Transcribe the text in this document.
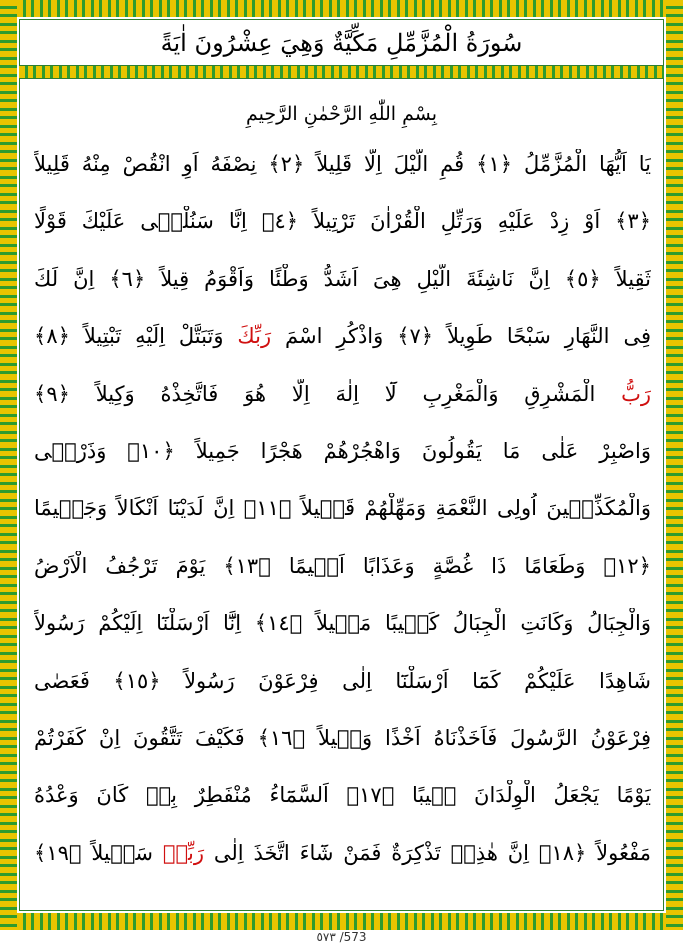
سُورَةُ الْمُزَّمِّلِ مَكِّيَّةٌ وَهِيَ عِشْرُونَ اٰيَةً
بِسْمِ اللّٰهِ الرَّحْمٰنِ الرَّحِيمِ
يَا اَيُّهَا الْمُزَّمِّلُ ﴿١﴾ قُمِ الَّيْلَ اِلَّا قَلِيلاً ﴿٢﴾ نِصْفَهُ اَوِ انْقُصْ مِنْهُ قَلِيلاً
﴿٣﴾ اَوْ زِدْ عَلَيْهِ وَرَتِّلِ الْقُرْاٰنَ تَرْتِيلاً ﴿٤﴾ اِنَّا سَنُلْقٖى عَلَيْكَ قَوْلًا
ثَقِيلاً ﴿٥﴾ اِنَّ نَاشِئَةَ الَّيْلِ هِىَ اَشَدُّ وَطْئًا وَاَقْوَمُ قِيلاً ﴿٦﴾ اِنَّ لَكَ
فِى النَّهَارِ سَبْحًا طَوِيلاً ﴿٧﴾ وَاذْكُرِ اسْمَ رَبِّكَ وَتَبَتَّلْ اِلَيْهِ تَبْتِيلاً ﴿٨﴾
رَبُّ الْمَشْرِقِ وَالْمَغْرِبِ لَٓا اِلٰهَ اِلَّا هُوَ فَاتَّخِذْهُ وَكِيلاً ﴿٩﴾
وَاصْبِرْ عَلٰى مَا يَقُولُونَ وَاهْجُرْهُمْ هَجْرًا جَمِيلاً ﴿١٠﴾ وَذَرْنٖى
وَالْمُكَذِّبٖينَ اُولِى النَّعْمَةِ وَمَهِّلْهُمْ قَلٖيلاً ﴿١١﴾ اِنَّ لَدَيْنَٓا اَنْكَالاً وَجَحٖيمًا
﴿١٢﴾ وَطَعَامًا ذَا غُصَّةٍ وَعَذَابًا اَلٖيمًا ﴿١٣﴾ يَوْمَ تَرْجُفُ الْاَرْضُ
وَالْجِبَالُ وَكَانَتِ الْجِبَالُ كَثٖيبًا مَهٖيلاً ﴿١٤﴾ اِنَّٓا اَرْسَلْنَٓا اِلَيْكُمْ رَسُولاً
شَاهِدًا عَلَيْكُمْ كَمَٓا اَرْسَلْنَٓا اِلٰى فِرْعَوْنَ رَسُولاً ﴿١٥﴾ فَعَصٰى
فِرْعَوْنُ الرَّسُولَ فَاَخَذْنَاهُ اَخْذًا وَبٖيلاً ﴿١٦﴾ فَكَيْفَ تَتَّقُونَ اِنْ كَفَرْتُمْ
يَوْمًا يَجْعَلُ الْوِلْدَانَ شٖيبًا ﴿١٧﴾ اَلسَّمَٓاءُ مُنْفَطِرٌ بِهٖ كَانَ وَعْدُهُ
مَفْعُولاً ﴿١٨﴾ اِنَّ هٰذِهٖ تَذْكِرَةٌ فَمَنْ شَٓاءَ اتَّخَذَ اِلٰى رَبِّهٖ سَبٖيلاً ﴿١٩﴾
٥٧٣ /573
